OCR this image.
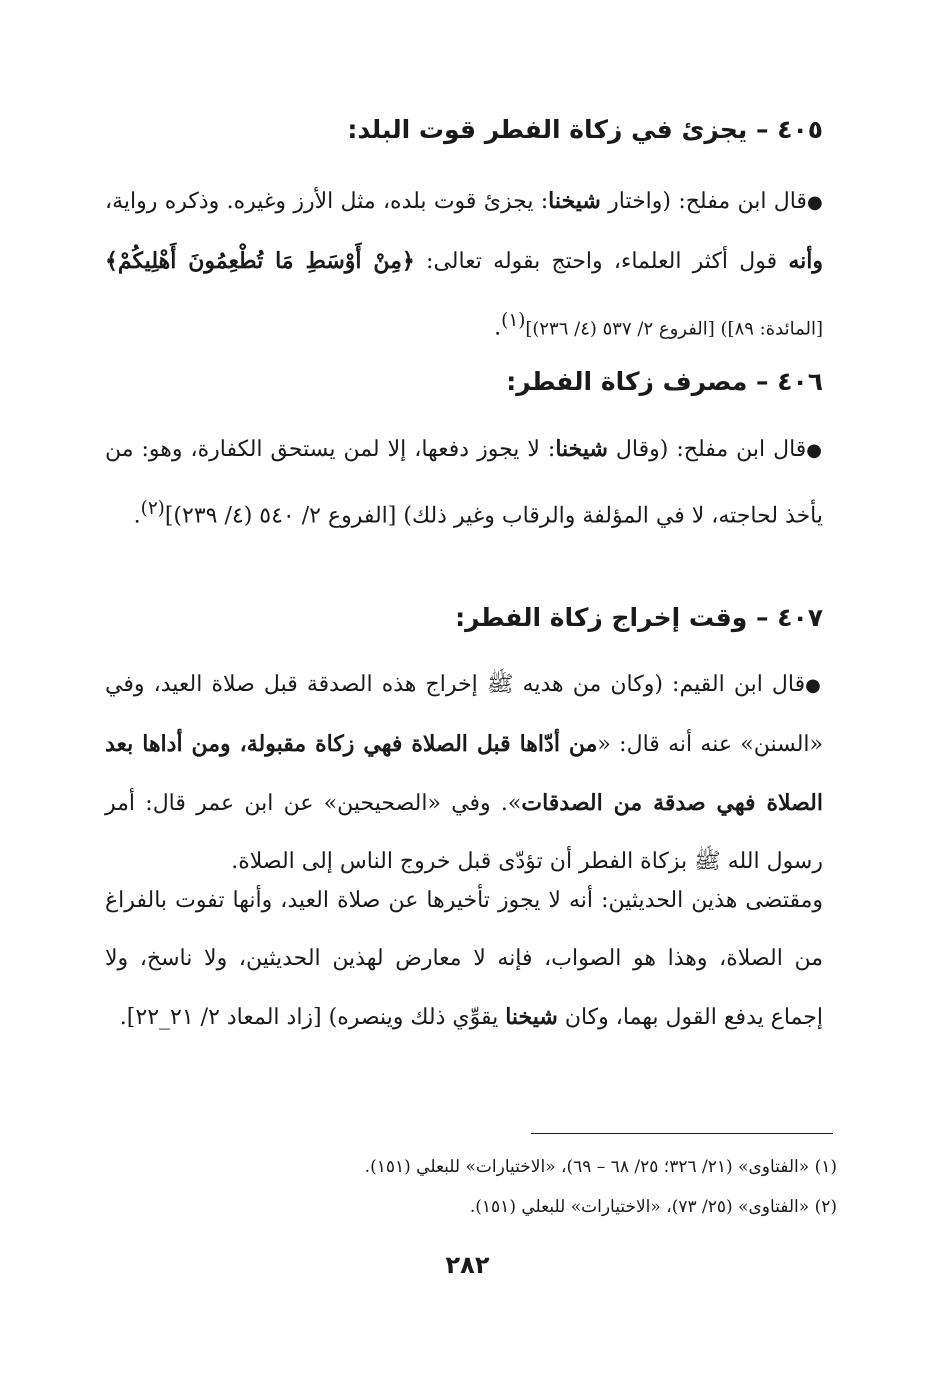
٤٠٥ – يجزئ في زكاة الفطر قوت البلد:

●قال ابن مفلح: (واختار شيخنا: يجزئ قوت بلده، مثل الأرز وغيره. وذكره رواية، وأنه قول أكثر العلماء، واحتج بقوله تعالى: ﴿مِنْ أَوْسَطِ مَا تُطْعِمُونَ أَهْلِيكُمْ﴾ [المائدة: ٨٩]) [الفروع ٢/ ٥٣٧ (٤/ ٢٣٦)]$^{(١)}$.

٤٠٦ – مصرف زكاة الفطر:

●قال ابن مفلح: (وقال شيخنا: لا يجوز دفعها، إلا لمن يستحق الكفارة، وهو: من يأخذ لحاجته، لا في المؤلفة والرقاب وغير ذلك) [الفروع ٢/ ٥٤٠ (٤/ ٢٣٩)]$^{(٢)}$.

٤٠٧ – وقت إخراج زكاة الفطر:

●قال ابن القيم: (وكان من هديه ﷺ إخراج هذه الصدقة قبل صلاة العيد، وفي «السنن» عنه أنه قال: «من أدّاها قبل الصلاة فهي زكاة مقبولة، ومن أداها بعد الصلاة فهي صدقة من الصدقات». وفي «الصحيحين» عن ابن عمر قال: أمر رسول الله ﷺ بزكاة الفطر أن تؤدّى قبل خروج الناس إلى الصلاة.

ومقتضى هذين الحديثين: أنه لا يجوز تأخيرها عن صلاة العيد، وأنها تفوت بالفراغ من الصلاة، وهذا هو الصواب، فإنه لا معارض لهذين الحديثين، ولا ناسخ، ولا إجماع يدفع القول بهما، وكان شيخنا يقوِّي ذلك وينصره) [زاد المعاد ٢/ ٢١_٢٢].

(١) «الفتاوى» (٢١/ ٣٢٦؛ ٢٥/ ٦٨ – ٦٩)، «الاختيارات» للبعلي (١٥١).
(٢) «الفتاوى» (٢٥/ ٧٣)، «الاختيارات» للبعلي (١٥١).
٢٨٢
